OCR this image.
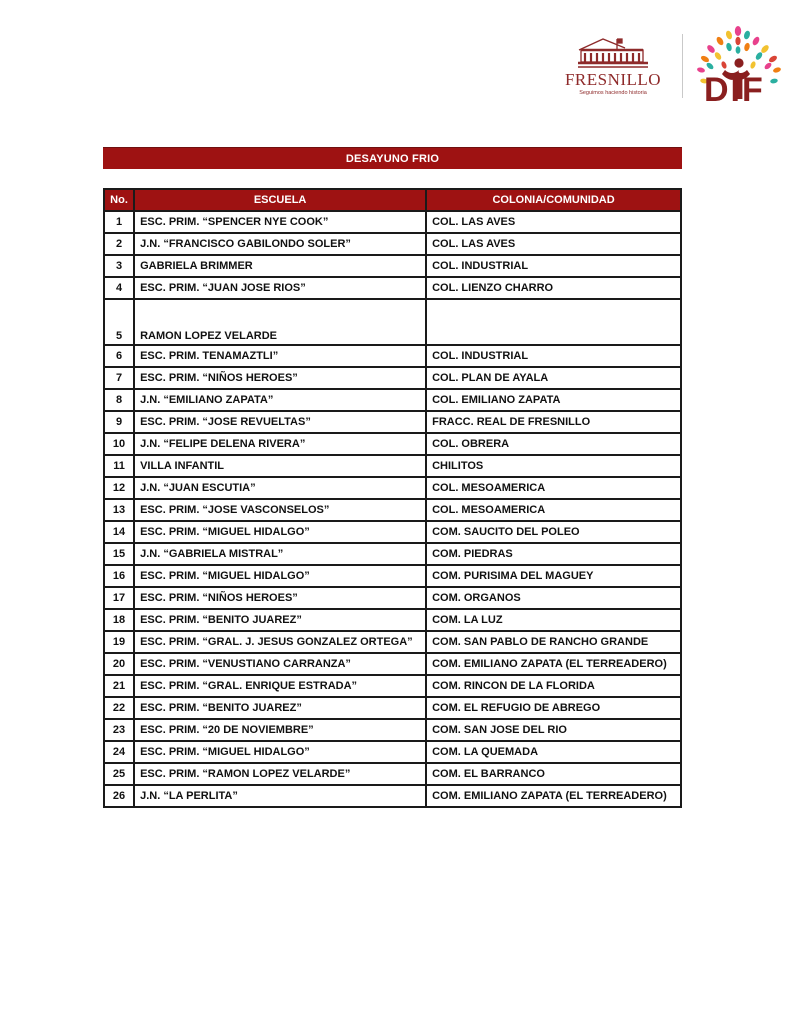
FRESNILLO
Seguimos haciendo historia DIF
DESAYUNO FRIO
No.	ESCUELA	COLONIA/COMUNIDAD
1	ESC. PRIM. “SPENCER NYE COOK”	COL. LAS AVES
2	J.N. “FRANCISCO GABILONDO SOLER”	COL. LAS AVES
3	GABRIELA BRIMMER	COL. INDUSTRIAL
4	ESC. PRIM. “JUAN JOSE RIOS”	COL. LIENZO CHARRO
5	RAMON LOPEZ VELARDE	
6	ESC. PRIM. TENAMAZTLI”	COL. INDUSTRIAL
7	ESC. PRIM. “NIÑOS HEROES”	COL. PLAN DE AYALA
8	J.N. “EMILIANO ZAPATA”	COL. EMILIANO ZAPATA
9	ESC. PRIM. “JOSE REVUELTAS”	FRACC. REAL DE FRESNILLO
10	J.N. “FELIPE DELENA RIVERA”	COL. OBRERA
11	VILLA INFANTIL	CHILITOS
12	J.N. “JUAN ESCUTIA”	COL. MESOAMERICA
13	ESC. PRIM. “JOSE VASCONSELOS”	COL. MESOAMERICA
14	ESC. PRIM. “MIGUEL HIDALGO”	COM. SAUCITO DEL POLEO
15	J.N. “GABRIELA MISTRAL”	COM. PIEDRAS
16	ESC. PRIM. “MIGUEL HIDALGO”	COM. PURISIMA DEL MAGUEY
17	ESC. PRIM. “NIÑOS HEROES”	COM. ORGANOS
18	ESC. PRIM. “BENITO JUAREZ”	COM. LA LUZ
19	ESC. PRIM. “GRAL. J. JESUS GONZALEZ ORTEGA”	COM. SAN PABLO DE RANCHO GRANDE
20	ESC. PRIM. “VENUSTIANO CARRANZA”	COM. EMILIANO ZAPATA (EL TERREADERO)
21	ESC. PRIM. “GRAL. ENRIQUE ESTRADA”	COM. RINCON DE LA FLORIDA
22	ESC. PRIM. “BENITO JUAREZ”	COM. EL REFUGIO DE ABREGO
23	ESC. PRIM. “20 DE NOVIEMBRE”	COM. SAN JOSE DEL RIO
24	ESC. PRIM. “MIGUEL HIDALGO”	COM. LA QUEMADA
25	ESC. PRIM. “RAMON LOPEZ VELARDE”	COM. EL BARRANCO
26	J.N. “LA PERLITA”	COM. EMILIANO ZAPATA (EL TERREADERO)
